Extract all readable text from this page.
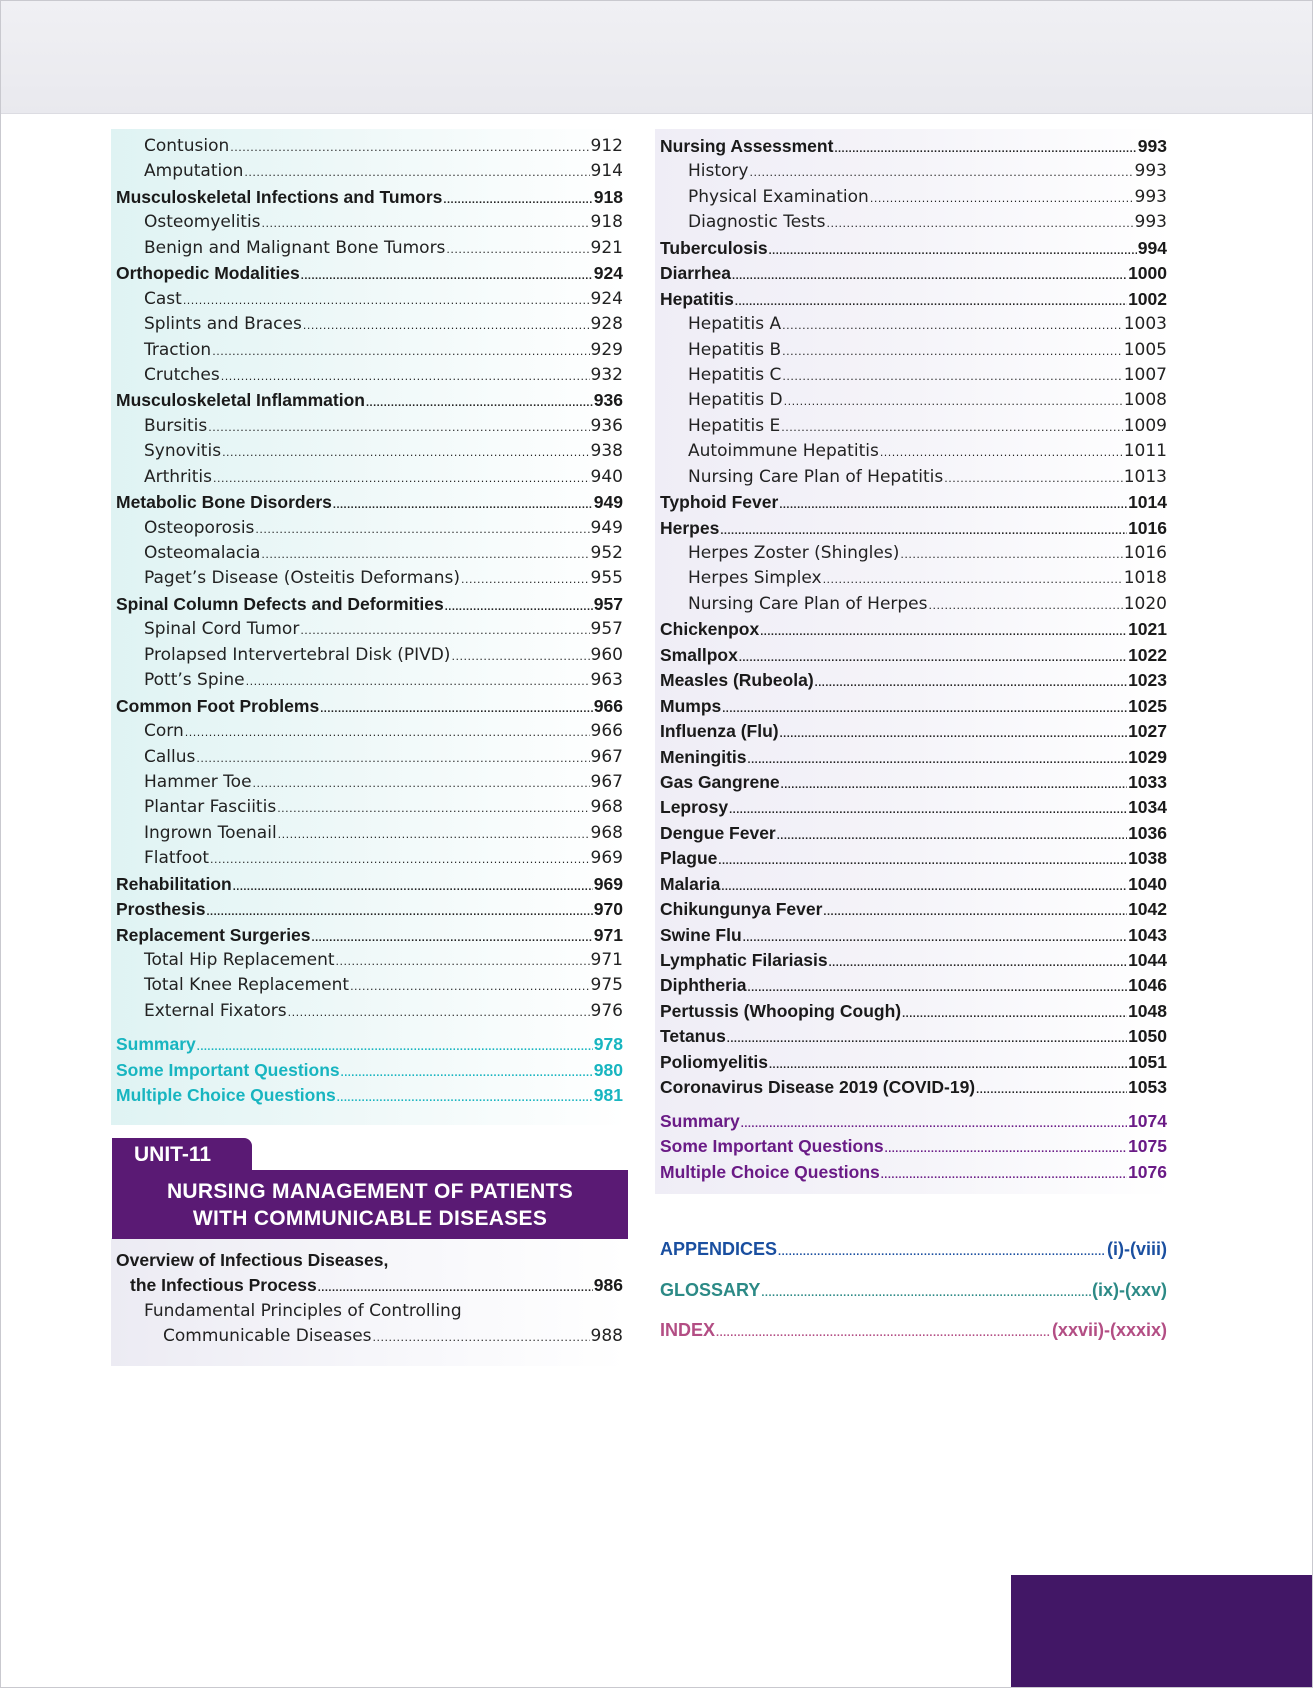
Contusion .....	912
Amputation .....	914
Musculoskeletal Infections and Tumors .....	918
Osteomyelitis .....	918
Benign and Malignant Bone Tumors .....	921
Orthopedic Modalities .....	924
Cast .....	924
Splints and Braces .....	928
Traction .....	929
Crutches .....	932
Musculoskeletal Inflammation .....	936
Bursitis .....	936
Synovitis .....	938
Arthritis .....	940
Metabolic Bone Disorders .....	949
Osteoporosis .....	949
Osteomalacia .....	952
Paget’s Disease (Osteitis Deformans) .....	955
Spinal Column Defects and Deformities .....	957
Spinal Cord Tumor .....	957
Prolapsed Intervertebral Disk (PIVD) .....	960
Pott’s Spine .....	963
Common Foot Problems .....	966
Corn .....	966
Callus .....	967
Hammer Toe .....	967
Plantar Fasciitis .....	968
Ingrown Toenail .....	968
Flatfoot .....	969
Rehabilitation .....	969
Prosthesis .....	970
Replacement Surgeries .....	971
Total Hip Replacement .....	971
Total Knee Replacement .....	975
External Fixators .....	976
Summary .....	978
Some Important Questions .....	980
Multiple Choice Questions .....	981
UNIT-11
NURSING MANAGEMENT OF PATIENTS
WITH COMMUNICABLE DISEASES
Overview of Infectious Diseases,
the Infectious Process .....	986
Fundamental Principles of Controlling
Communicable Diseases .....	988
Nursing Assessment .....	993
History .....	993
Physical Examination .....	993
Diagnostic Tests .....	993
Tuberculosis .....	994
Diarrhea .....	1000
Hepatitis .....	1002
Hepatitis A .....	1003
Hepatitis B .....	1005
Hepatitis C .....	1007
Hepatitis D .....	1008
Hepatitis E .....	1009
Autoimmune Hepatitis .....	1011
Nursing Care Plan of Hepatitis .....	1013
Typhoid Fever .....	1014
Herpes .....	1016
Herpes Zoster (Shingles) .....	1016
Herpes Simplex .....	1018
Nursing Care Plan of Herpes .....	1020
Chickenpox .....	1021
Smallpox .....	1022
Measles (Rubeola) .....	1023
Mumps .....	1025
Influenza (Flu) .....	1027
Meningitis .....	1029
Gas Gangrene .....	1033
Leprosy .....	1034
Dengue Fever .....	1036
Plague .....	1038
Malaria .....	1040
Chikungunya Fever .....	1042
Swine Flu .....	1043
Lymphatic Filariasis .....	1044
Diphtheria .....	1046
Pertussis (Whooping Cough) .....	1048
Tetanus .....	1050
Poliomyelitis .....	1051
Coronavirus Disease 2019 (COVID-19) .....	1053
Summary .....	1074
Some Important Questions .....	1075
Multiple Choice Questions .....	1076
APPENDICES .....	(i)-(viii)
GLOSSARY .....	(ix)-(xxv)
INDEX .....	(xxvii)-(xxxix)
